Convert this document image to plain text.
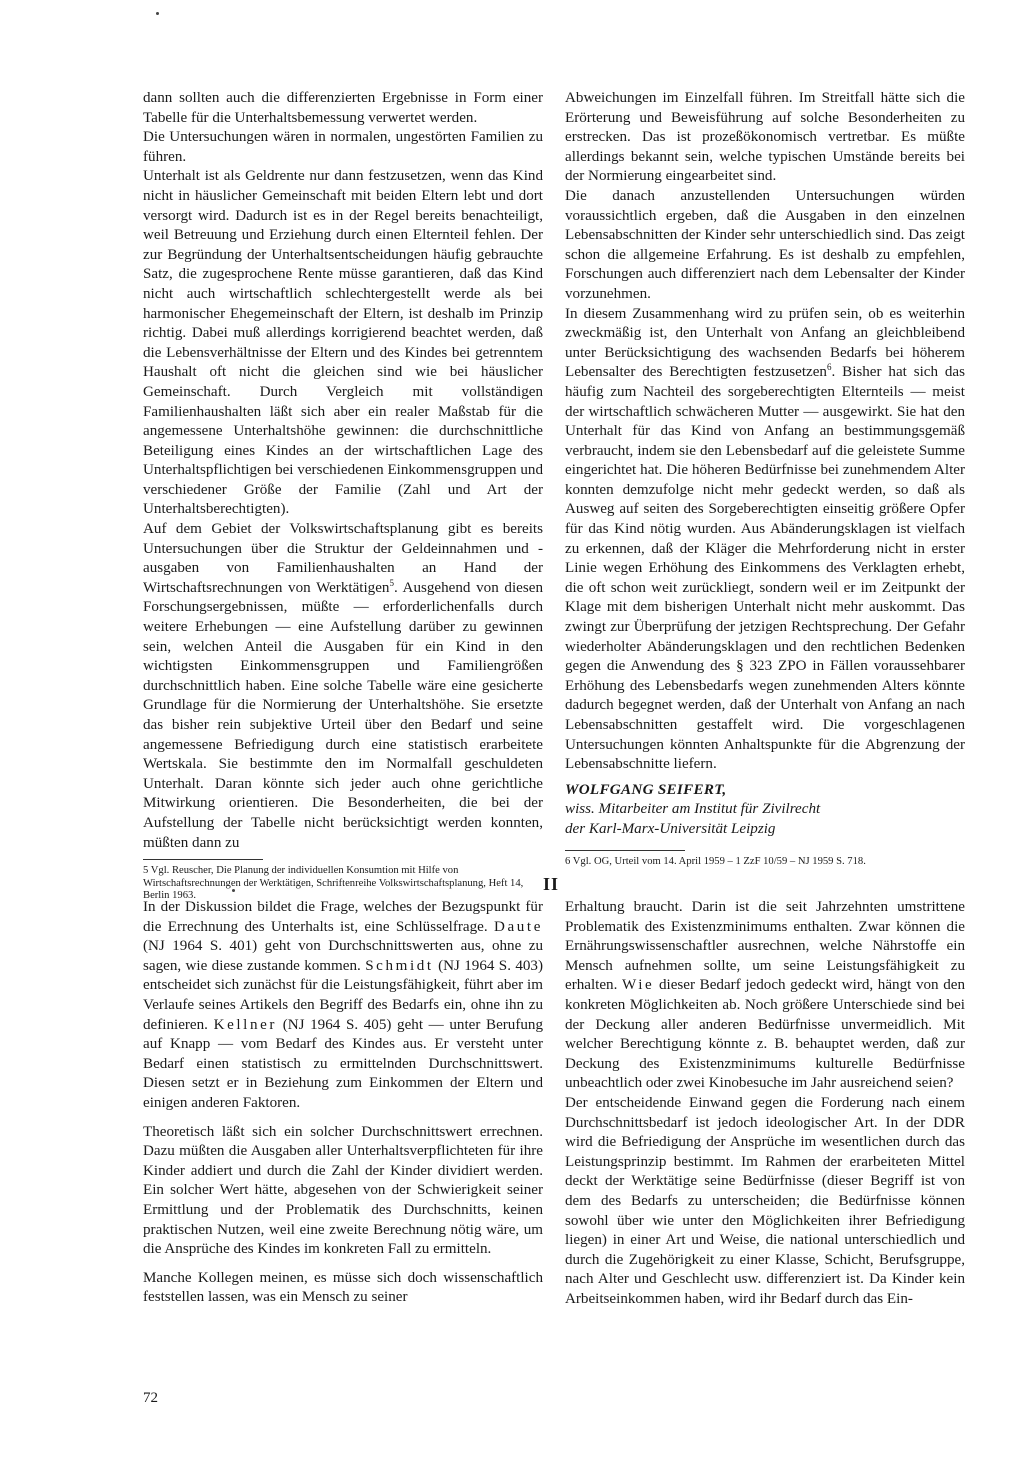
dann sollten auch die differenzierten Ergebnisse in Form einer Tabelle für die Unterhaltsbemessung verwertet werden.

Die Untersuchungen wären in normalen, ungestörten Familien zu führen.

Unterhalt ist als Geldrente nur dann festzusetzen, wenn das Kind nicht in häuslicher Gemeinschaft mit beiden Eltern lebt und dort versorgt wird. Dadurch ist es in der Regel bereits benachteiligt, weil Betreuung und Erziehung durch einen Elternteil fehlen. Der zur Begründung der Unterhaltsentscheidungen häufig gebrauchte Satz, die zugesprochene Rente müsse garantieren, daß das Kind nicht auch wirtschaftlich schlechtergestellt werde als bei harmonischer Ehegemeinschaft der Eltern, ist deshalb im Prinzip richtig. Dabei muß allerdings korrigierend beachtet werden, daß die Lebensverhältnisse der Eltern und des Kindes bei getrenntem Haushalt oft nicht die gleichen sind wie bei häuslicher Gemeinschaft. Durch Vergleich mit vollständigen Familienhaushalten läßt sich aber ein realer Maßstab für die angemessene Unterhaltshöhe gewinnen: die durchschnittliche Beteiligung eines Kindes an der wirtschaftlichen Lage des Unterhaltspflichtigen bei verschiedenen Einkommensgruppen und verschiedener Größe der Familie (Zahl und Art der Unterhaltsberechtigten).

Auf dem Gebiet der Volkswirtschaftsplanung gibt es bereits Untersuchungen über die Struktur der Geldeinnahmen und -ausgaben von Familienhaushalten an Hand der Wirtschaftsrechnungen von Werktätigen$^5$. Ausgehend von diesen Forschungsergebnissen, müßte — erforderlichenfalls durch weitere Erhebungen — eine Aufstellung darüber zu gewinnen sein, welchen Anteil die Ausgaben für ein Kind in den wichtigsten Einkommensgruppen und Familiengrößen durchschnittlich haben. Eine solche Tabelle wäre eine gesicherte Grundlage für die Normierung der Unterhaltshöhe. Sie ersetzte das bisher rein subjektive Urteil über den Bedarf und seine angemessene Befriedigung durch eine statistisch erarbeitete Wertskala. Sie bestimmte den im Normalfall geschuldeten Unterhalt. Daran könnte sich jeder auch ohne gerichtliche Mitwirkung orientieren. Die Besonderheiten, die bei der Aufstellung der Tabelle nicht berücksichtigt werden konnten, müßten dann zu

5 Vgl. Reuscher, Die Planung der individuellen Konsumtion mit Hilfe von Wirtschaftsrechnungen der Werktätigen, Schriftenreihe Volkswirtschaftsplanung, Heft 14, Berlin 1963.

Abweichungen im Einzelfall führen. Im Streitfall hätte sich die Erörterung und Beweisführung auf solche Besonderheiten zu erstrecken. Das ist prozeßökonomisch vertretbar. Es müßte allerdings bekannt sein, welche typischen Umstände bereits bei der Normierung eingearbeitet sind.

Die danach anzustellenden Untersuchungen würden voraussichtlich ergeben, daß die Ausgaben in den einzelnen Lebensabschnitten der Kinder sehr unterschiedlich sind. Das zeigt schon die allgemeine Erfahrung. Es ist deshalb zu empfehlen, Forschungen auch differenziert nach dem Lebensalter der Kinder vorzunehmen.

In diesem Zusammenhang wird zu prüfen sein, ob es weiterhin zweckmäßig ist, den Unterhalt von Anfang an gleichbleibend unter Berücksichtigung des wachsenden Bedarfs bei höherem Lebensalter des Berechtigten festzusetzen$^6$. Bisher hat sich das häufig zum Nachteil des sorgeberechtigten Elternteils — meist der wirtschaftlich schwächeren Mutter — ausgewirkt. Sie hat den Unterhalt für das Kind von Anfang an bestimmungsgemäß verbraucht, indem sie den Lebensbedarf auf die geleistete Summe eingerichtet hat. Die höheren Bedürfnisse bei zunehmendem Alter konnten demzufolge nicht mehr gedeckt werden, so daß als Ausweg auf seiten des Sorgeberechtigten einseitig größere Opfer für das Kind nötig wurden. Aus Abänderungsklagen ist vielfach zu erkennen, daß der Kläger die Mehrforderung nicht in erster Linie wegen Erhöhung des Einkommens des Verklagten erhebt, die oft schon weit zurückliegt, sondern weil er im Zeitpunkt der Klage mit dem bisherigen Unterhalt nicht mehr auskommt. Das zwingt zur Überprüfung der jetzigen Rechtsprechung. Der Gefahr wiederholter Abänderungsklagen und den rechtlichen Bedenken gegen die Anwendung des § 323 ZPO in Fällen voraussehbarer Erhöhung des Lebensbedarfs wegen zunehmenden Alters könnte dadurch begegnet werden, daß der Unterhalt von Anfang an nach Lebensabschnitten gestaffelt wird. Die vorgeschlagenen Untersuchungen könnten Anhaltspunkte für die Abgrenzung der Lebensabschnitte liefern.

WOLFGANG SEIFERT,
wiss. Mitarbeiter am Institut für Zivilrecht
der Karl-Marx-Universität Leipzig

6 Vgl. OG, Urteil vom 14. April 1959 – 1 ZzF 10/59 – NJ 1959 S. 718.

II

In der Diskussion bildet die Frage, welches der Bezugspunkt für die Errechnung des Unterhalts ist, eine Schlüsselfrage. Daute (NJ 1964 S. 401) geht von Durchschnittswerten aus, ohne zu sagen, wie diese zustande kommen. Schmidt (NJ 1964 S. 403) entscheidet sich zunächst für die Leistungsfähigkeit, führt aber im Verlaufe seines Artikels den Begriff des Bedarfs ein, ohne ihn zu definieren. Kellner (NJ 1964 S. 405) geht — unter Berufung auf Knapp — vom Bedarf des Kindes aus. Er versteht unter Bedarf einen statistisch zu ermittelnden Durchschnittswert. Diesen setzt er in Beziehung zum Einkommen der Eltern und einigen anderen Faktoren.

Theoretisch läßt sich ein solcher Durchschnittswert errechnen. Dazu müßten die Ausgaben aller Unterhaltsverpflichteten für ihre Kinder addiert und durch die Zahl der Kinder dividiert werden. Ein solcher Wert hätte, abgesehen von der Schwierigkeit seiner Ermittlung und der Problematik des Durchschnitts, keinen praktischen Nutzen, weil eine zweite Berechnung nötig wäre, um die Ansprüche des Kindes im konkreten Fall zu ermitteln.

Manche Kollegen meinen, es müsse sich doch wissenschaftlich feststellen lassen, was ein Mensch zu seiner

Erhaltung braucht. Darin ist die seit Jahrzehnten umstrittene Problematik des Existenzminimums enthalten. Zwar können die Ernährungswissenschaftler ausrechnen, welche Nährstoffe ein Mensch aufnehmen sollte, um seine Leistungsfähigkeit zu erhalten. Wie dieser Bedarf jedoch gedeckt wird, hängt von den konkreten Möglichkeiten ab. Noch größere Unterschiede sind bei der Deckung aller anderen Bedürfnisse unvermeidlich. Mit welcher Berechtigung könnte z. B. behauptet werden, daß zur Deckung des Existenzminimums kulturelle Bedürfnisse unbeachtlich oder zwei Kinobesuche im Jahr ausreichend seien?

Der entscheidende Einwand gegen die Forderung nach einem Durchschnittsbedarf ist jedoch ideologischer Art. In der DDR wird die Befriedigung der Ansprüche im wesentlichen durch das Leistungsprinzip bestimmt. Im Rahmen der erarbeiteten Mittel deckt der Werktätige seine Bedürfnisse (dieser Begriff ist von dem des Bedarfs zu unterscheiden; die Bedürfnisse können sowohl über wie unter den Möglichkeiten ihrer Befriedigung liegen) in einer Art und Weise, die national unterschiedlich und durch die Zugehörigkeit zu einer Klasse, Schicht, Berufsgruppe, nach Alter und Geschlecht usw. differenziert ist. Da Kinder kein Arbeitseinkommen haben, wird ihr Bedarf durch das Ein-

72
